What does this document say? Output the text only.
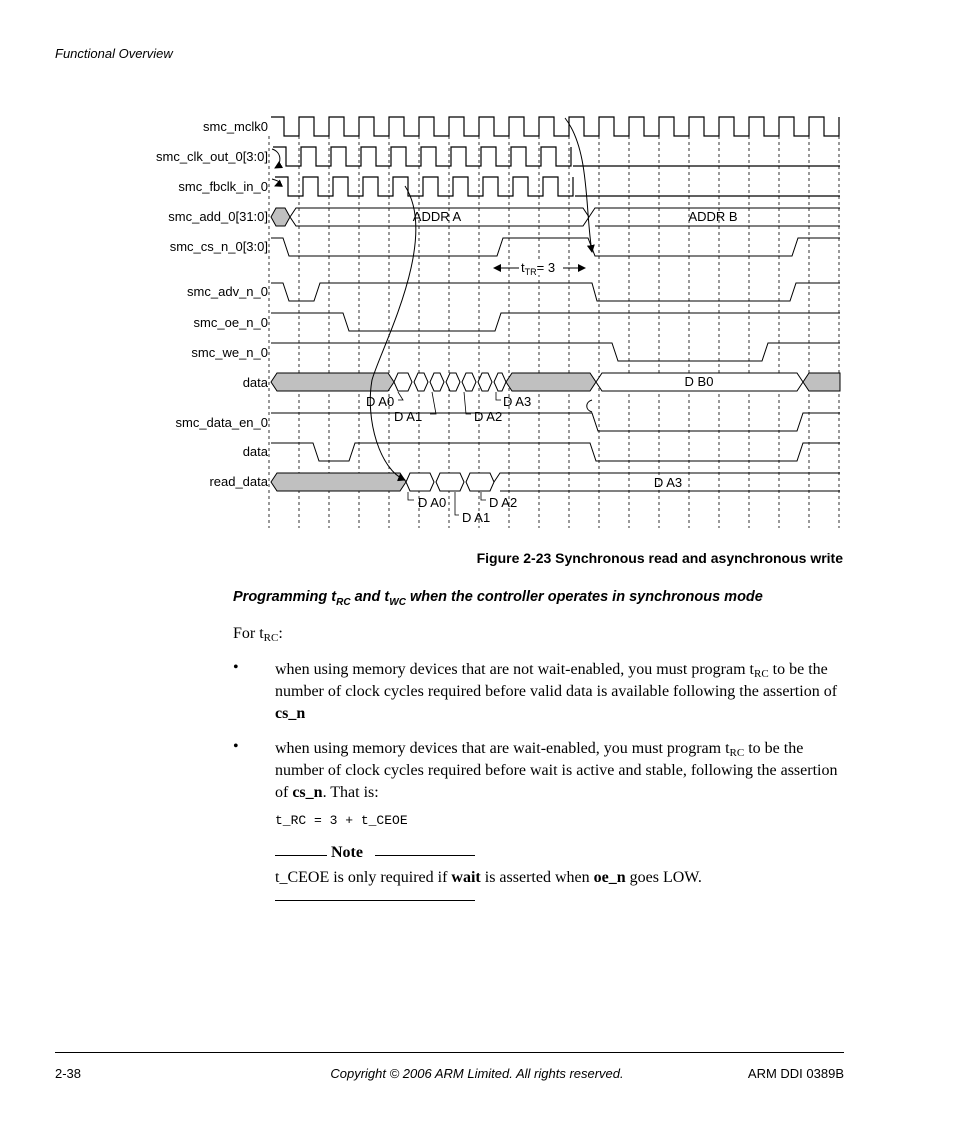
Functional Overview
smc_mclk0
smc_clk_out_0[3:0]
smc_fbclk_in_0
smc_add_0[31:0]
smc_cs_n_0[3:0]
smc_adv_n_0
smc_oe_n_0
smc_we_n_0
data
smc_data_en_0
data
read_data
ADDR A	ADDR B
D B0
D A3
D A0
D A1	D A2
D A3
D A0
D A1
D A2
$t_{TR}= 3$
Figure 2-23 Synchronous read and asynchronous write
Programming $t_{RC}$ and $t_{WC}$ when the controller operates in synchronous mode
For $t_{RC}$:
• when using memory devices that are not wait-enabled, you must program $t_{RC}$ to be the number of clock cycles required before valid data is available following the assertion of cs_n
• when using memory devices that are wait-enabled, you must program $t_{RC}$ to be the number of clock cycles required before wait is active and stable, following the assertion of cs_n. That is:
t_RC = 3 + t_CEOE
Note
t_CEOE is only required if wait is asserted when oe_n goes LOW.
2-38	Copyright © 2006 ARM Limited. All rights reserved.	ARM DDI 0389B
